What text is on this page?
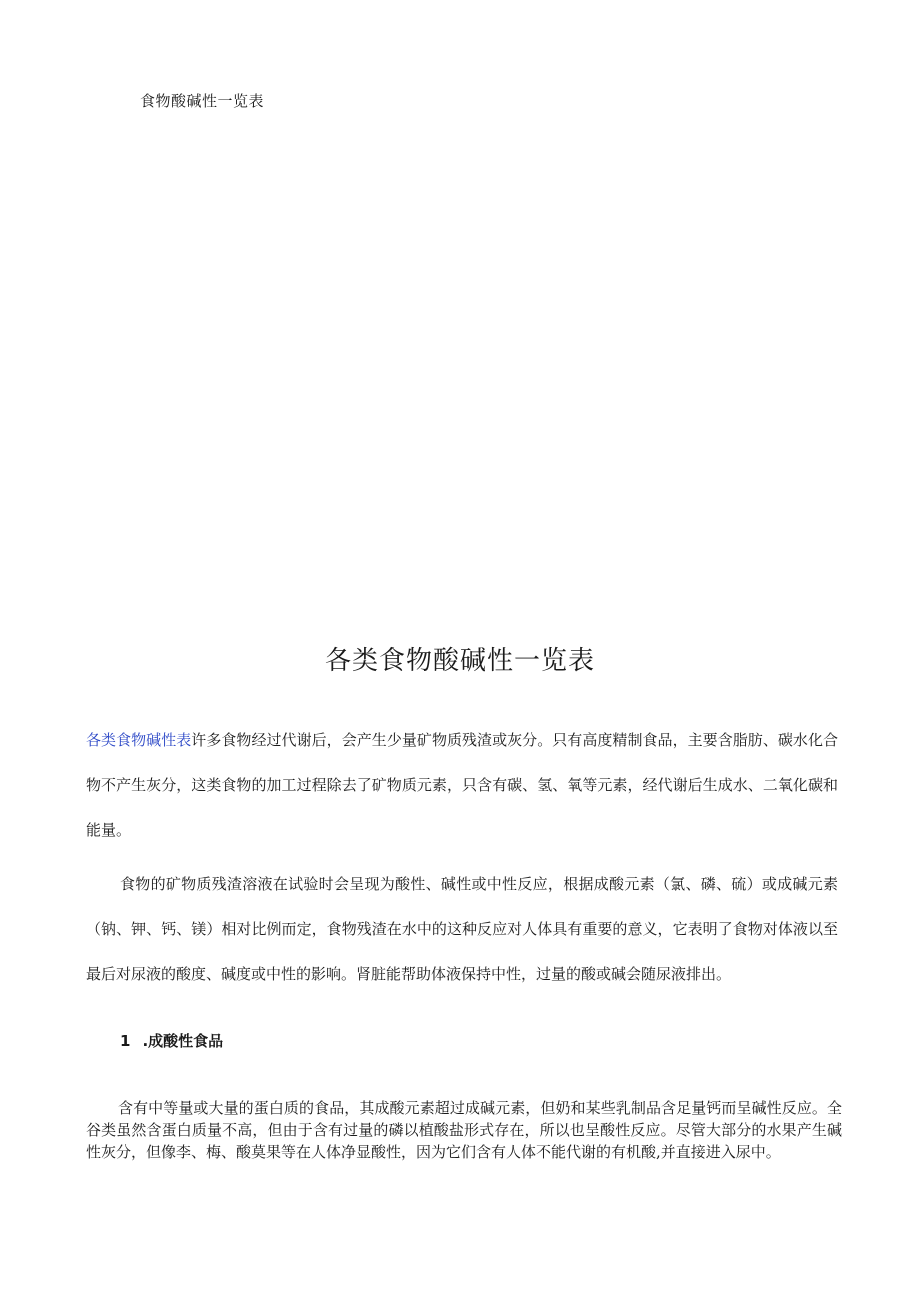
食物酸碱性一览表
各类食物酸碱性一览表
各类食物碱性表许多食物经过代谢后，会产生少量矿物质残渣或灰分。只有高度精制食品，主要含脂肪、碳水化合物不产生灰分，这类食物的加工过程除去了矿物质元素，只含有碳、氢、氧等元素，经代谢后生成水、二氧化碳和能量。
食物的矿物质残渣溶液在试验时会呈现为酸性、碱性或中性反应，根据成酸元素（氯、磷、硫）或成碱元素（钠、钾、钙、镁）相对比例而定，食物残渣在水中的这种反应对人体具有重要的意义，它表明了食物对体液以至最后对尿液的酸度、碱度或中性的影响。肾脏能帮助体液保持中性，过量的酸或碱会随尿液排出。
1 .成酸性食品
含有中等量或大量的蛋白质的食品，其成酸元素超过成碱元素，但奶和某些乳制品含足量钙而呈碱性反应。全谷类虽然含蛋白质量不高，但由于含有过量的磷以植酸盐形式存在，所以也呈酸性反应。尽管大部分的水果产生碱性灰分，但像李、梅、酸莫果等在人体净显酸性，因为它们含有人体不能代谢的有机酸,并直接进入尿中。
